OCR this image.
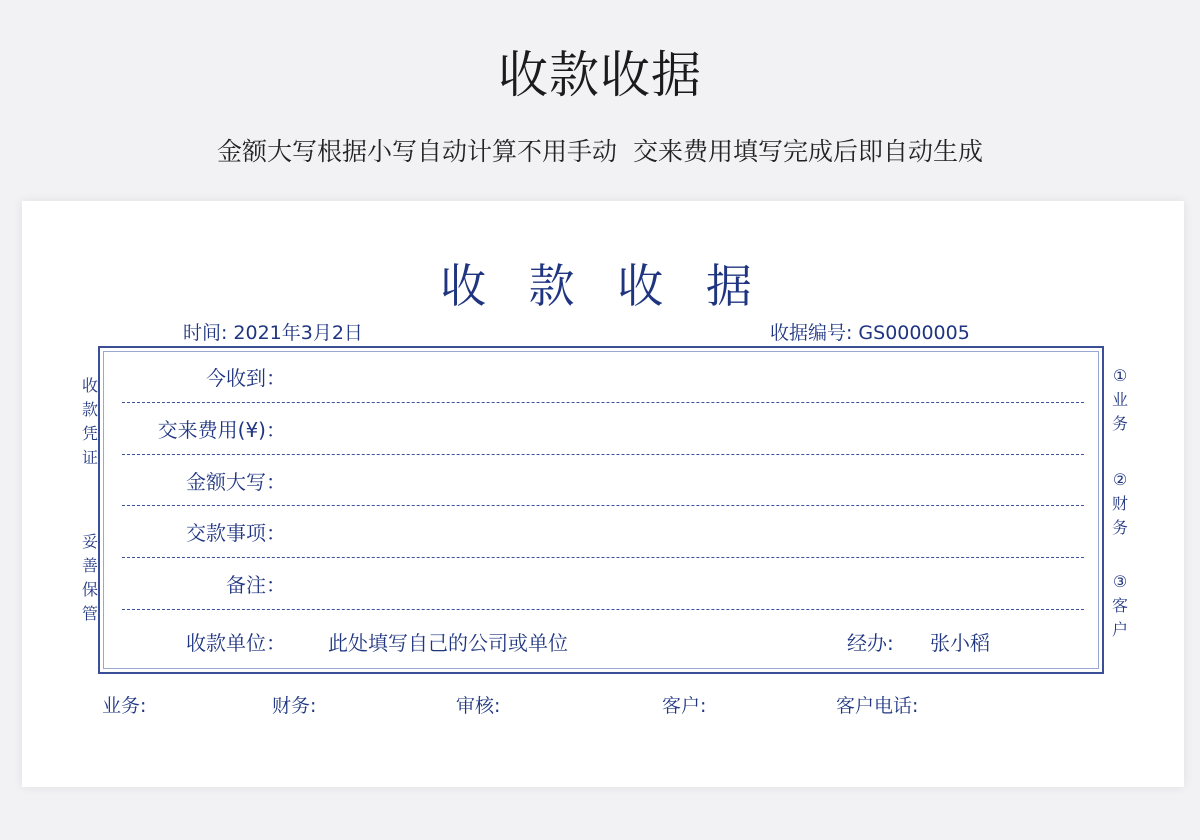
收款收据
金额大写根据小写自动计算不用手动  交来费用填写完成后即自动生成
收 款 收 据
时间: 2021年3月2日	收据编号: GS0000005
今收到：
交来费用(¥)：
金额大写：
交款事项：
备注：
收款单位： 此处填写自己的公司或单位	经办: 张小稻
收款凭证
妥善保管
①业务
②财务
③客户
业务:	财务:	审核:	客户:	客户电话:
